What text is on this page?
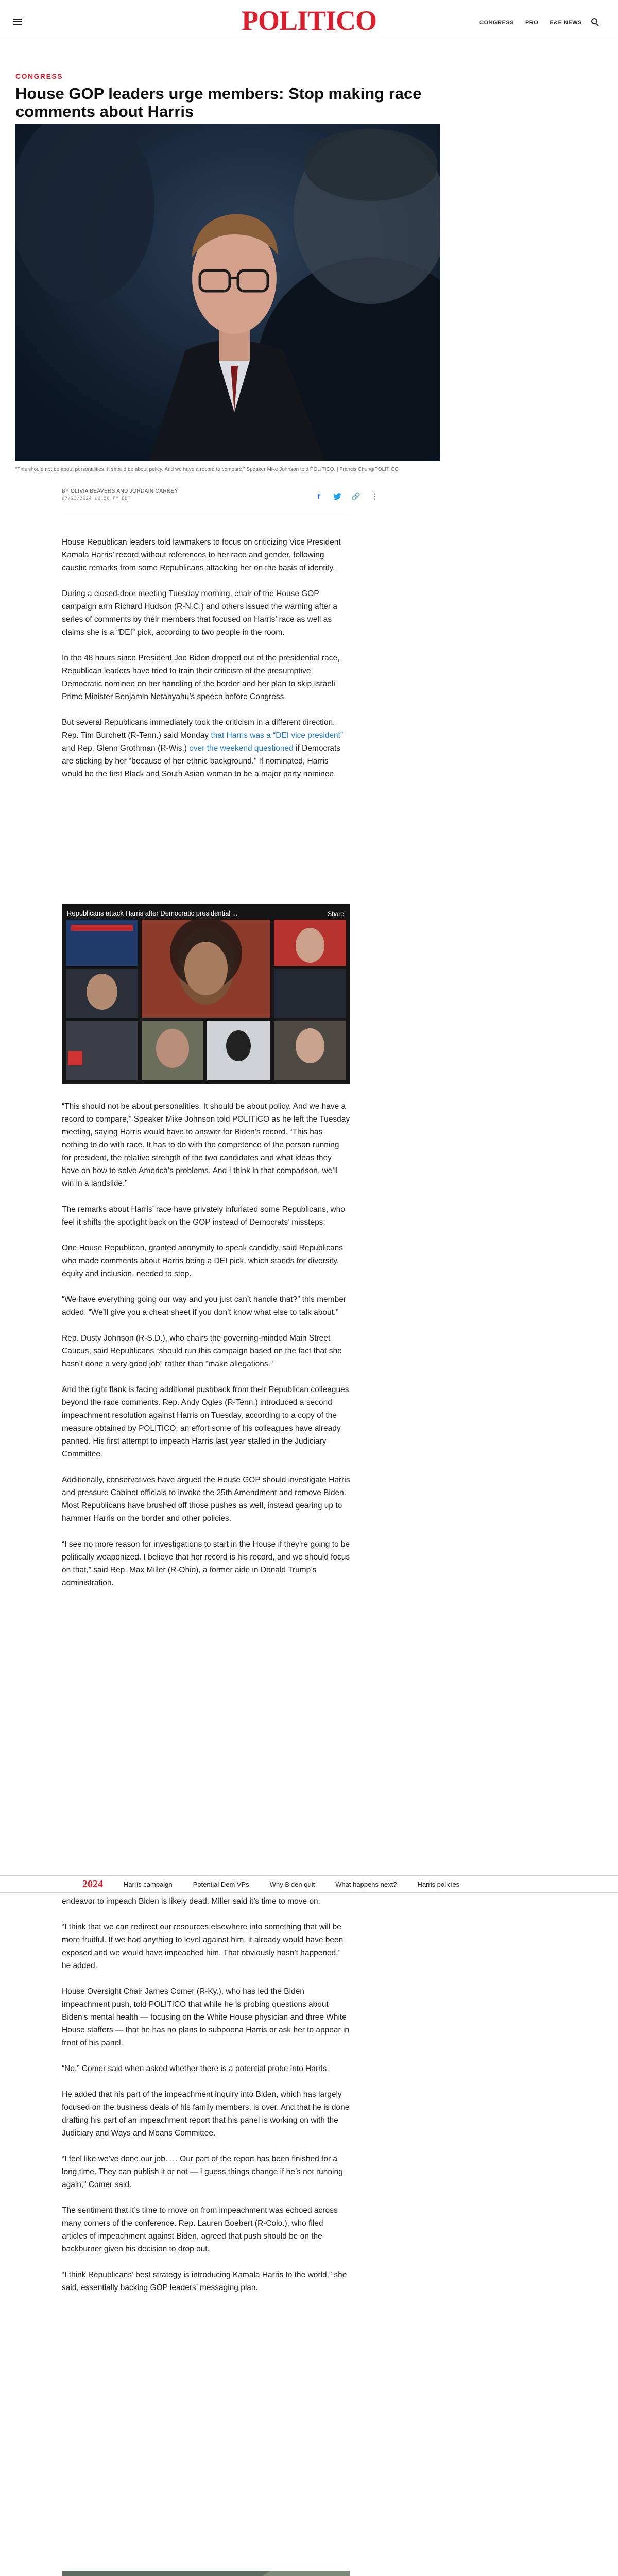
POLITICO	CONGRESS PRO E&E NEWS
CONGRESS
House GOP leaders urge members: Stop making race comments about Harris

“This should not be about personalities. It should be about policy. And we have a record to compare,” Speaker Mike Johnson told POLITICO. | Francis Chung/POLITICO
BY OLIVIA BEAVERS AND JORDAIN CARNEY
07/23/2024 06:56 PM EDT	f	🔗 ⋮

House Republican leaders told lawmakers to focus on criticizing Vice President Kamala Harris’ record without references to her race and gender, following caustic remarks from some Republicans attacking her on the basis of identity.

During a closed-door meeting Tuesday morning, chair of the House GOP campaign arm Richard Hudson (R-N.C.) and others issued the warning after a series of comments by their members that focused on Harris’ race as well as claims she is a “DEI” pick, according to two people in the room.

In the 48 hours since President Joe Biden dropped out of the presidential race, Republican leaders have tried to train their criticism of the presumptive Democratic nominee on her handling of the border and her plan to skip Israeli Prime Minister Benjamin Netanyahu’s speech before Congress.

But several Republicans immediately took the criticism in a different direction. Rep. Tim Burchett (R-Tenn.) said Monday that Harris was a “DEI vice president” and Rep. Glenn Grothman (R-Wis.) over the weekend questioned if Democrats are sticking by her “because of her ethnic background.” If nominated, Harris would be the first Black and South Asian woman to be a major party nominee.

Republicans attack Harris after Democratic presidential ...	Share

“This should not be about personalities. It should be about policy. And we have a record to compare,” Speaker Mike Johnson told POLITICO as he left the Tuesday meeting, saying Harris would have to answer for Biden’s record. “This has nothing to do with race. It has to do with the competence of the person running for president, the relative strength of the two candidates and what ideas they have on how to solve America’s problems. And I think in that comparison, we’ll win in a landslide.”

The remarks about Harris’ race have privately infuriated some Republicans, who feel it shifts the spotlight back on the GOP instead of Democrats’ missteps.

One House Republican, granted anonymity to speak candidly, said Republicans who made comments about Harris being a DEI pick, which stands for diversity, equity and inclusion, needed to stop.

“We have everything going our way and you just can’t handle that?” this member added. “We’ll give you a cheat sheet if you don’t know what else to talk about.”

Rep. Dusty Johnson (R-S.D.), who chairs the governing-minded Main Street Caucus, said Republicans “should run this campaign based on the fact that she hasn’t done a very good job” rather than “make allegations.”

And the right flank is facing additional pushback from their Republican colleagues beyond the race comments. Rep. Andy Ogles (R-Tenn.) introduced a second impeachment resolution against Harris on Tuesday, according to a copy of the measure obtained by POLITICO, an effort some of his colleagues have already panned. His first attempt to impeach Harris last year stalled in the Judiciary Committee.

Additionally, conservatives have argued the House GOP should investigate Harris and pressure Cabinet officials to invoke the 25th Amendment and remove Biden. Most Republicans have brushed off those pushes as well, instead gearing up to hammer Harris on the border and other policies.

“I see no more reason for investigations to start in the House if they’re going to be politically weaponized. I believe that her record is his record, and we should focus on that,” said Rep. Max Miller (R-Ohio), a former aide in Donald Trump’s administration.

2024	Harris campaign	Potential Dem VPs	Why Biden quit	What happens next?	Harris policies

endeavor to impeach Biden is likely dead. Miller said it’s time to move on.

“I think that we can redirect our resources elsewhere into something that will be more fruitful. If we had anything to level against him, it already would have been exposed and we would have impeached him. That obviously hasn’t happened,” he added.

House Oversight Chair James Comer (R-Ky.), who has led the Biden impeachment push, told POLITICO that while he is probing questions about Biden’s mental health — focusing on the White House physician and three White House staffers — that he has no plans to subpoena Harris or ask her to appear in front of his panel.

“No,” Comer said when asked whether there is a potential probe into Harris.

He added that his part of the impeachment inquiry into Biden, which has largely focused on the business deals of his family members, is over. And that he is done drafting his part of an impeachment report that his panel is working on with the Judiciary and Ways and Means Committee.

“I feel like we’ve done our job. … Our part of the report has been finished for a long time. They can publish it or not — I guess things change if he’s not running again,” Comer said.

The sentiment that it’s time to move on from impeachment was echoed across many corners of the conference. Rep. Lauren Boebert (R-Colo.), who filed articles of impeachment against Biden, agreed that push should be on the backburner given his decision to drop out.

“I think Republicans’ best strategy is introducing Kamala Harris to the world,” she said, essentially backing GOP leaders’ messaging plan.
